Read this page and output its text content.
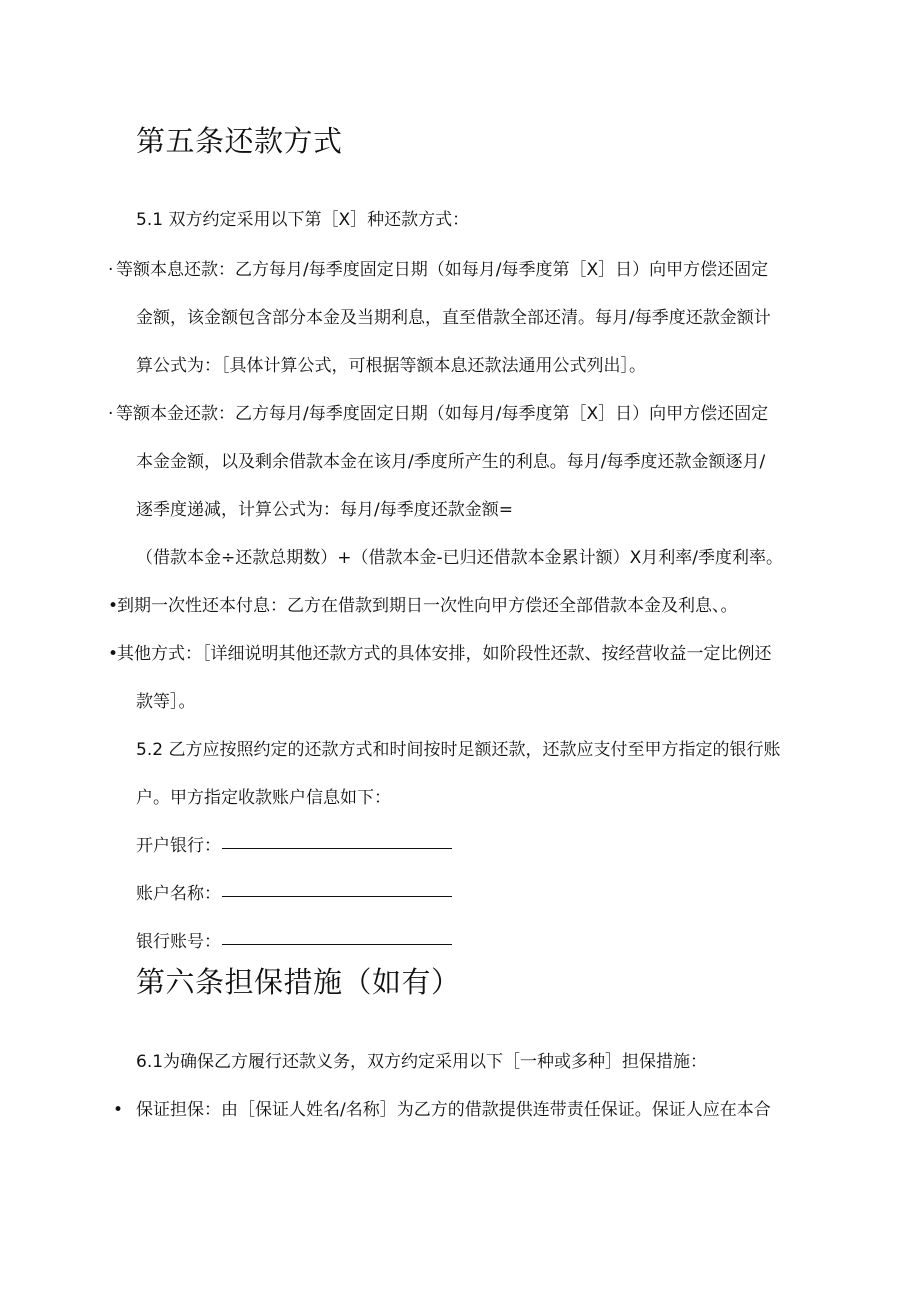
第五条还款方式

5.1 双方约定采用以下第［X］种还款方式：

· 等额本息还款：乙方每月/每季度固定日期（如每月/每季度第［X］日）向甲方偿还固定

金额，该金额包含部分本金及当期利息，直至借款全部还清。每月/每季度还款金额计

算公式为：［具体计算公式，可根据等额本息还款法通用公式列出］。

· 等额本金还款：乙方每月/每季度固定日期（如每月/每季度第［X］日）向甲方偿还固定

本金金额，以及剩余借款本金在该月/季度所产生的利息。每月/每季度还款金额逐月/

逐季度递减，计算公式为：每月/每季度还款金额=

（借款本金÷还款总期数）+（借款本金-已归还借款本金累计额）X月利率/季度利率。

•

到期一次性还本付息：乙方在借款到期日一次性向甲方偿还全部借款本金及利息、。

•

其他方式：［详细说明其他还款方式的具体安排，如阶段性还款、按经营收益一定比例还

款等］。

5.2 乙方应按照约定的还款方式和时间按时足额还款，还款应支付至甲方指定的银行账

户。甲方指定收款账户信息如下：

开户银行：

账户名称：

银行账号：

第六条担保措施（如有）

6.1为确保乙方履行还款义务，双方约定采用以下［一种或多种］担保措施：

• 保证担保：由［保证人姓名/名称］为乙方的借款提供连带责任保证。保证人应在本合
